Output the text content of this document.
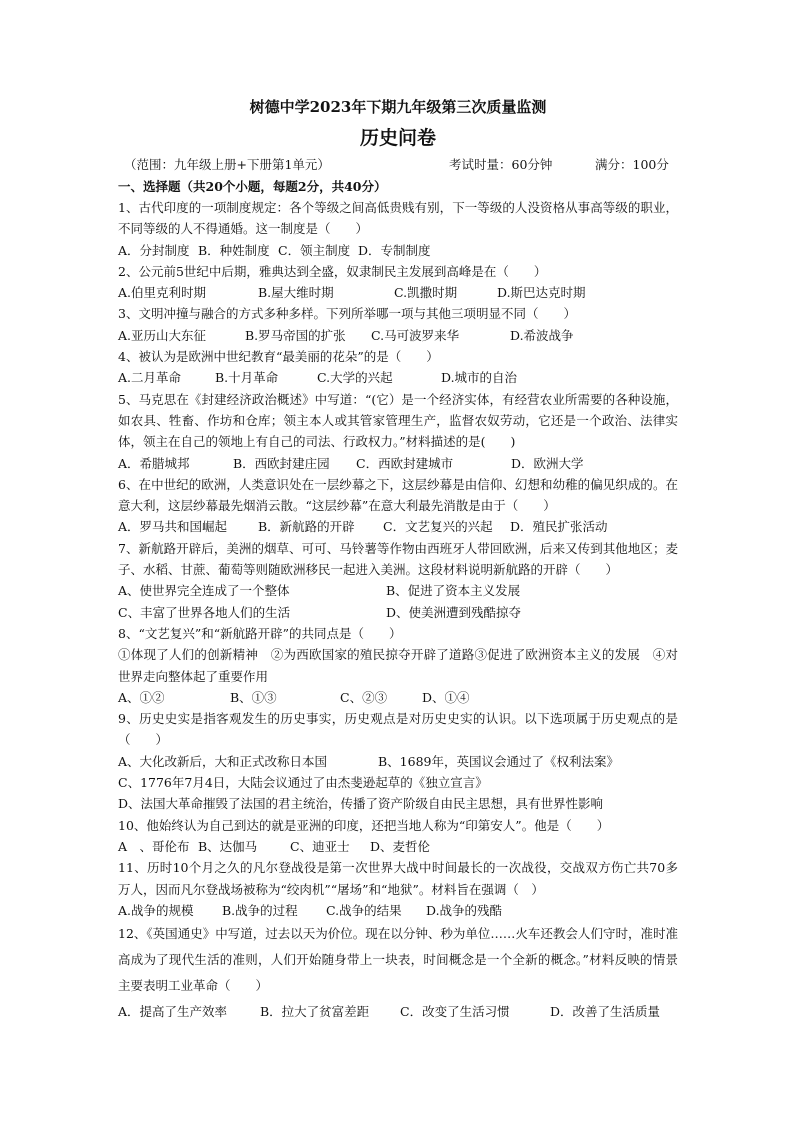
树德中学2023年下期九年级第三次质量监测
历史问卷
（范围：九年级上册+下册第1单元）	考试时量：60分钟	满分：100分
一、选择题（共20个小题，每题2分，共40分）
1、古代印度的一项制度规定：各个等级之间高低贵贱有别，下一等级的人没资格从事高等级的职业，不同等级的人不得通婚。这一制度是（　　）
A．分封制度 B．种姓制度 C．领主制度 D．专制制度
2、公元前5世纪中后期，雅典达到全盛，奴隶制民主发展到高峰是在（　　）
A.伯里克利时期	B.屋大维时期	C.凯撒时期	D.斯巴达克时期
3、文明冲撞与融合的方式多种多样。下列所举哪一项与其他三项明显不同（　　）
A.亚历山大东征	B.罗马帝国的扩张 C.马可波罗来华	D.希波战争
4、被认为是欧洲中世纪教育“最美丽的花朵”的是（　　）
A.二月革命	B.十月革命	C.大学的兴起	D.城市的自治
5、马克思在《封建经济政治概述》中写道：“(它）是一个经济实体，有经营农业所需要的各种设施，如农具、牲畜、作坊和仓库；领主本人或其管家管理生产，监督农奴劳动，它还是一个政治、法律实体，领主在自己的领地上有自己的司法、行政权力。”材料描述的是(　　)
A．希腊城邦	B．西欧封建庄园 C．西欧封建城市	D．欧洲大学
6、在中世纪的欧洲，人类意识处在一层纱幕之下，这层纱幕是由信仰、幻想和幼稚的偏见织成的。在意大利，这层纱幕最先烟消云散。“这层纱幕”在意大利最先消散是由于（　　）
A．罗马共和国崛起 B．新航路的开辟 C．文艺复兴的兴起 D．殖民扩张活动
7、新航路开辟后，美洲的烟草、可可、马铃薯等作物由西班牙人带回欧洲，后来又传到其他地区；麦子、水稻、甘蔗、葡萄等则随欧洲移民一起进入美洲。这段材料说明新航路的开辟（　　）
A、使世界完全连成了一个整体	B、促进了资本主义发展
C、丰富了世界各地人们的生活	D、使美洲遭到残酷掠夺
8、“文艺复兴”和“新航路开辟”的共同点是（　　）
①体现了人们的创新精神　②为西欧国家的殖民掠夺开辟了道路③促进了欧洲资本主义的发展　④对世界走向整体起了重要作用
A、①②	B、①③	C、②③	D、①④
9、历史史实是指客观发生的历史事实，历史观点是对历史史实的认识。以下选项属于历史观点的是（　　）
A、大化改新后，大和正式改称日本国	B、1689年，英国议会通过了《权利法案》
C、1776年7月4日，大陆会议通过了由杰斐逊起草的《独立宣言》
D、法国大革命摧毁了法国的君主统治，传播了资产阶级自由民主思想，具有世界性影响
10、他始终认为自己到达的就是亚洲的印度，还把当地人称为“印第安人”。他是（　　）
A　、哥伦布 B、达伽马	C、迪亚士 D、麦哲伦
11、历时10个月之久的凡尔登战役是第一次世界大战中时间最长的一次战役，交战双方伤亡共70多万人，因而凡尔登战场被称为“绞肉机”“屠场”和“地狱”。材料旨在强调（　）
A.战争的规模 B.战争的过程 C.战争的结果 D.战争的残酷
12、《英国通史》中写道，过去以天为价位。现在以分钟、秒为单位……火车还教会人们守时，准时准高成为了现代生活的准则，人们开始随身带上一块表，时间概念是一个全新的概念。”材料反映的情景主要表明工业革命（　　）
A．提高了生产效率	B．拉大了贫富差距 C．改变了生活习惯	D．改善了生活质量
